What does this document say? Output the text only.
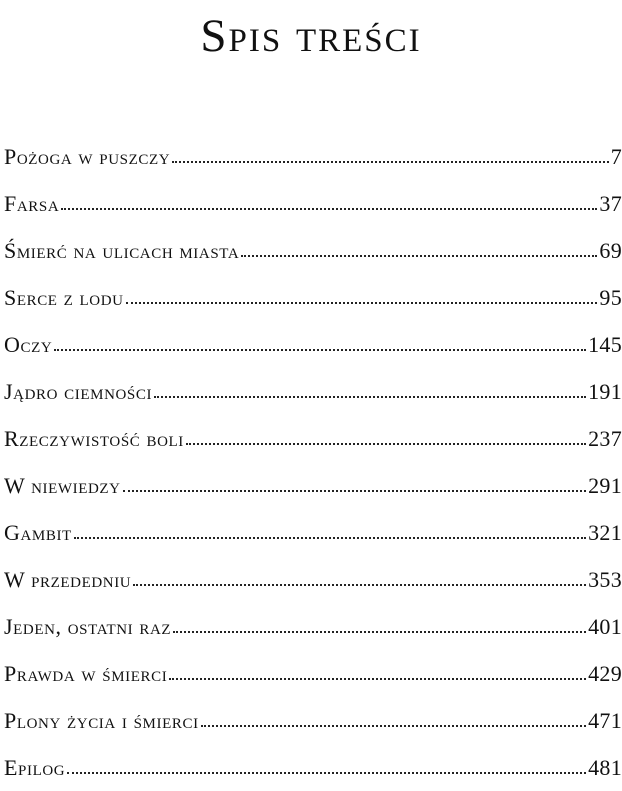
Spis treści
Pożoga w puszczy	7
Farsa	37
Śmierć na ulicach miasta	69
Serce z lodu	95
Oczy	145
Jądro ciemności	191
Rzeczywistość boli	237
W niewiedzy	291
Gambit	321
W przededniu	353
Jeden, ostatni raz	401
Prawda w śmierci	429
Plony życia i śmierci	471
Epilog	481
